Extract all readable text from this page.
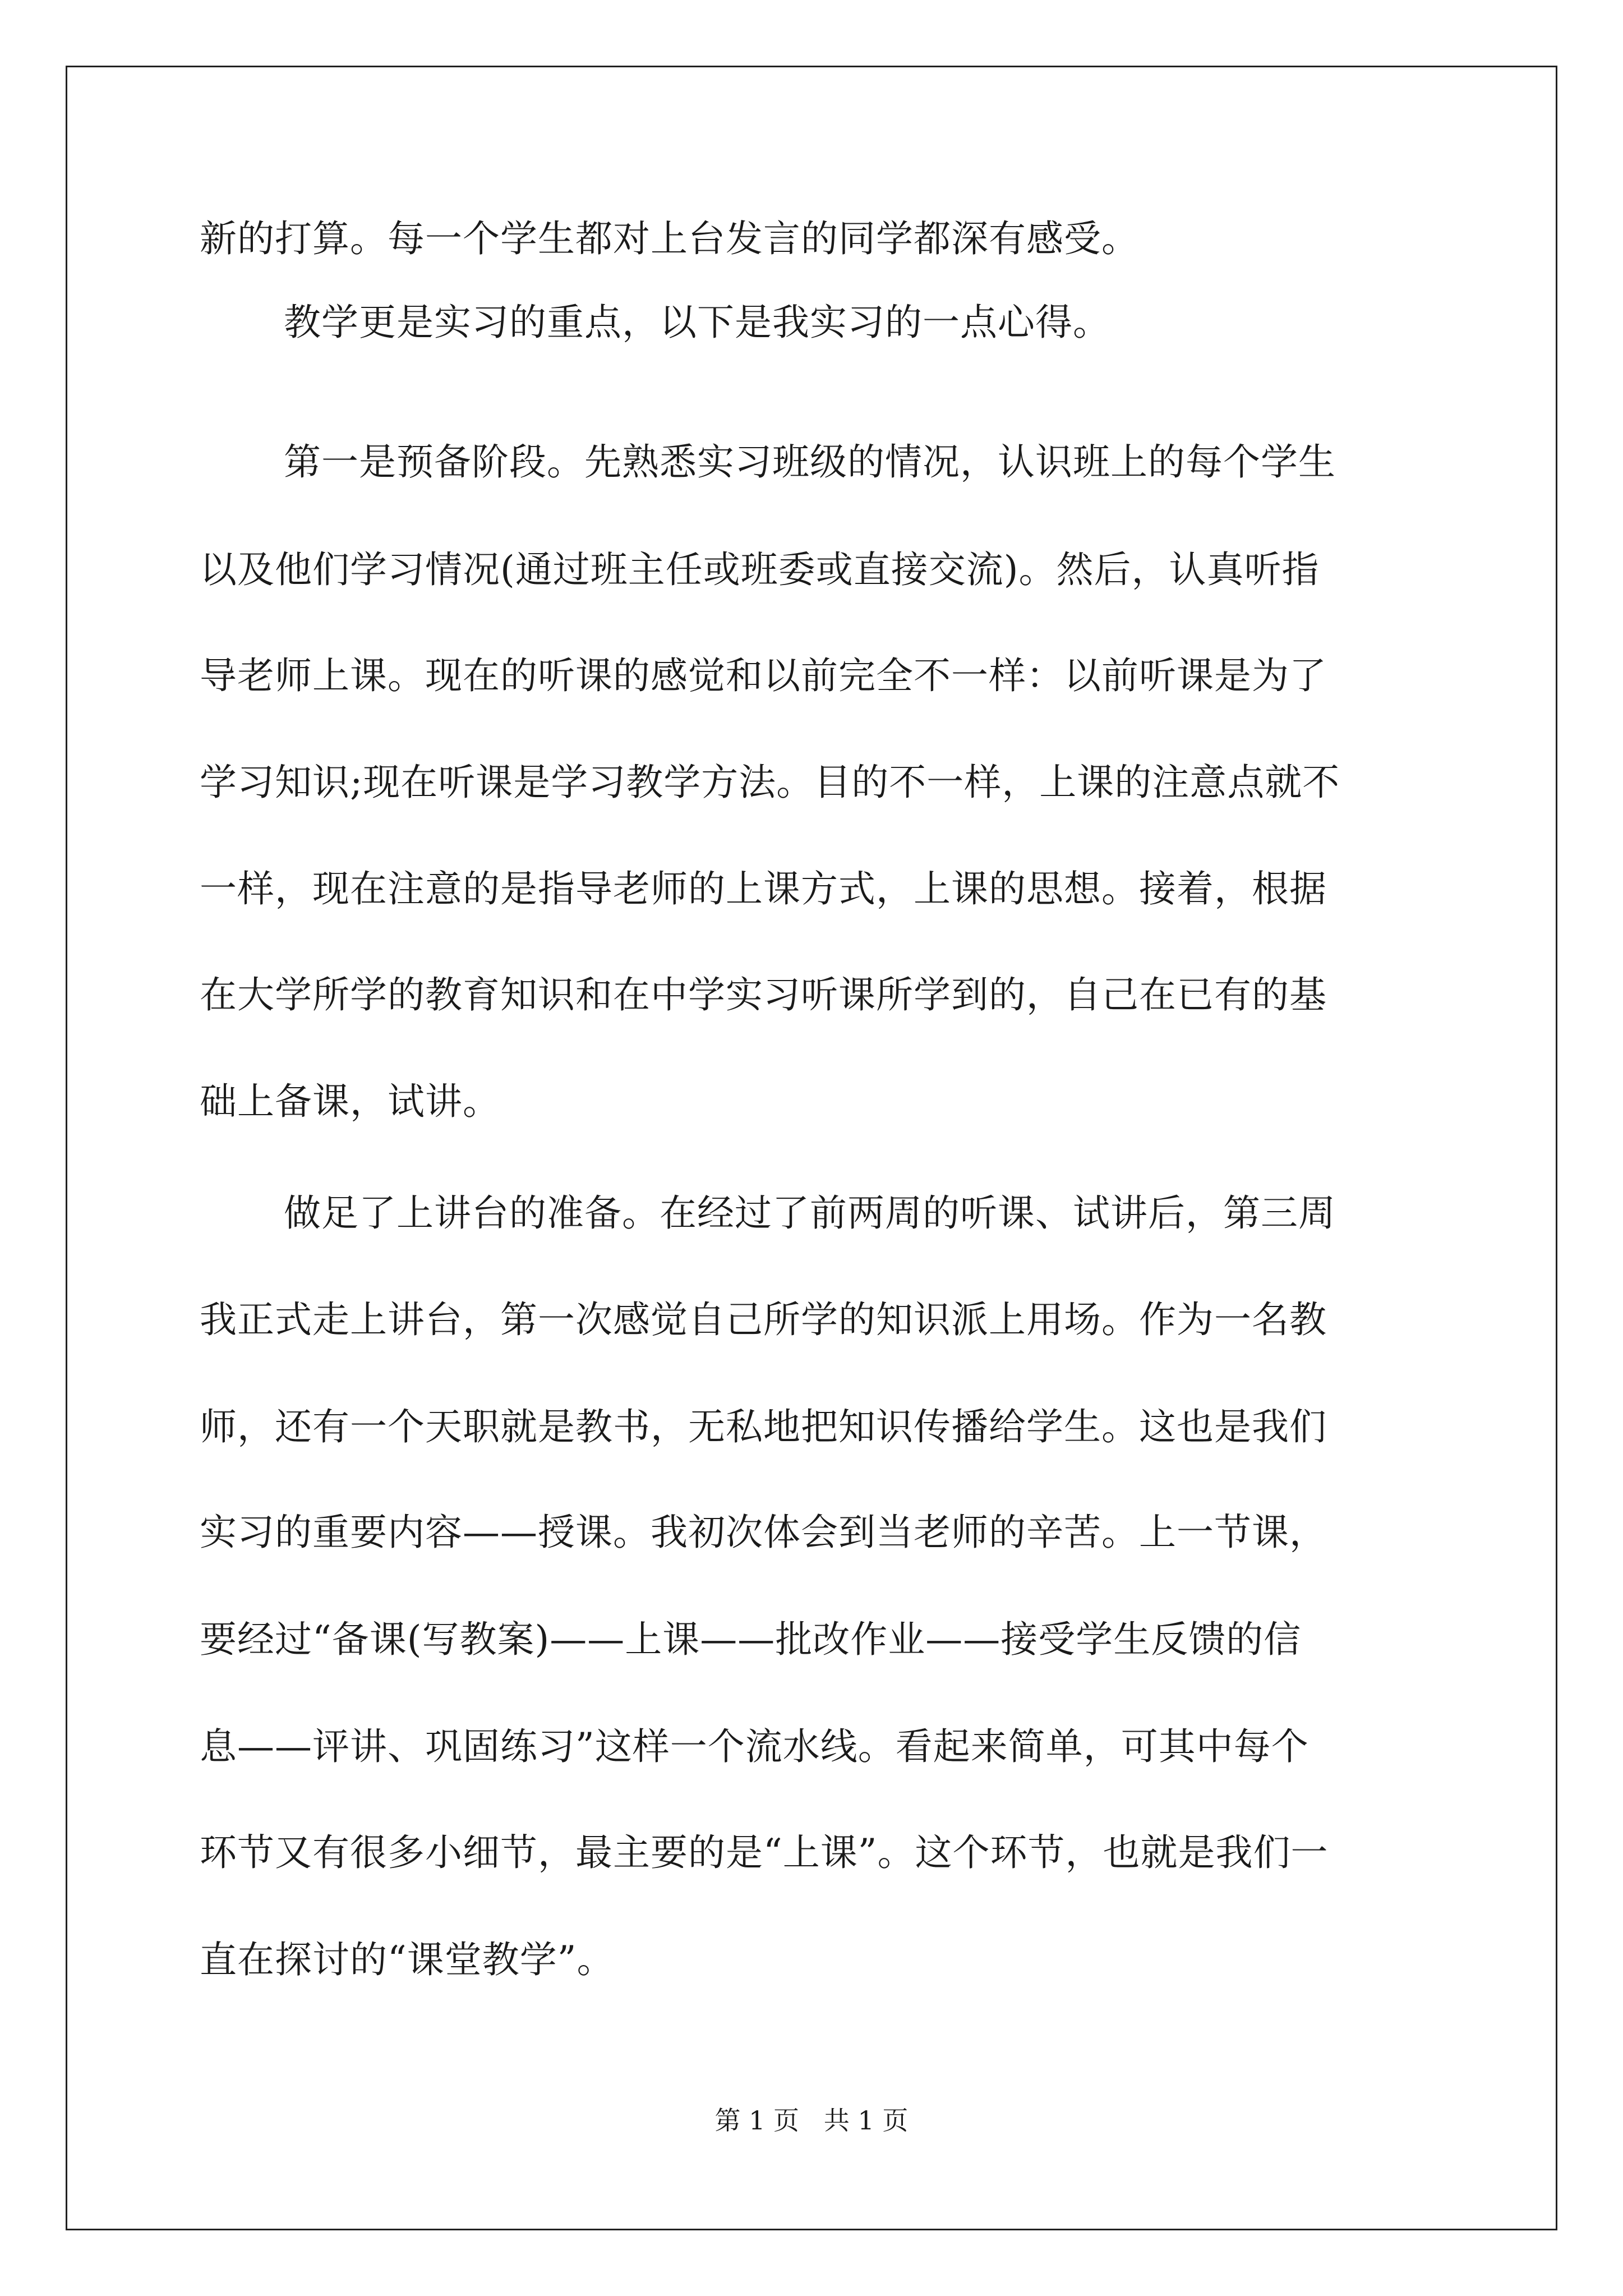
新的打算。每一个学生都对上台发言的同学都深有感受。
教学更是实习的重点，以下是我实习的一点心得。
第一是预备阶段。先熟悉实习班级的情况，认识班上的每个学生
以及他们学习情况(通过班主任或班委或直接交流)。然后，认真听指
导老师上课。现在的听课的感觉和以前完全不一样：以前听课是为了
学习知识;现在听课是学习教学方法。目的不一样，上课的注意点就不
一样，现在注意的是指导老师的上课方式，上课的思想。接着，根据
在大学所学的教育知识和在中学实习听课所学到的，自己在已有的基
础上备课，试讲。
做足了上讲台的准备。在经过了前两周的听课、试讲后，第三周
我正式走上讲台，第一次感觉自己所学的知识派上用场。作为一名教
师，还有一个天职就是教书，无私地把知识传播给学生。这也是我们
实习的重要内容——授课。我初次体会到当老师的辛苦。上一节课，
要经过“备课(写教案)——上课——批改作业——接受学生反馈的信
息——评讲、巩固练习”这样一个流水线。看起来简单，可其中每个
环节又有很多小细节，最主要的是“上课”。这个环节，也就是我们一
直在探讨的“课堂教学”。
第 1 页   共 1 页
